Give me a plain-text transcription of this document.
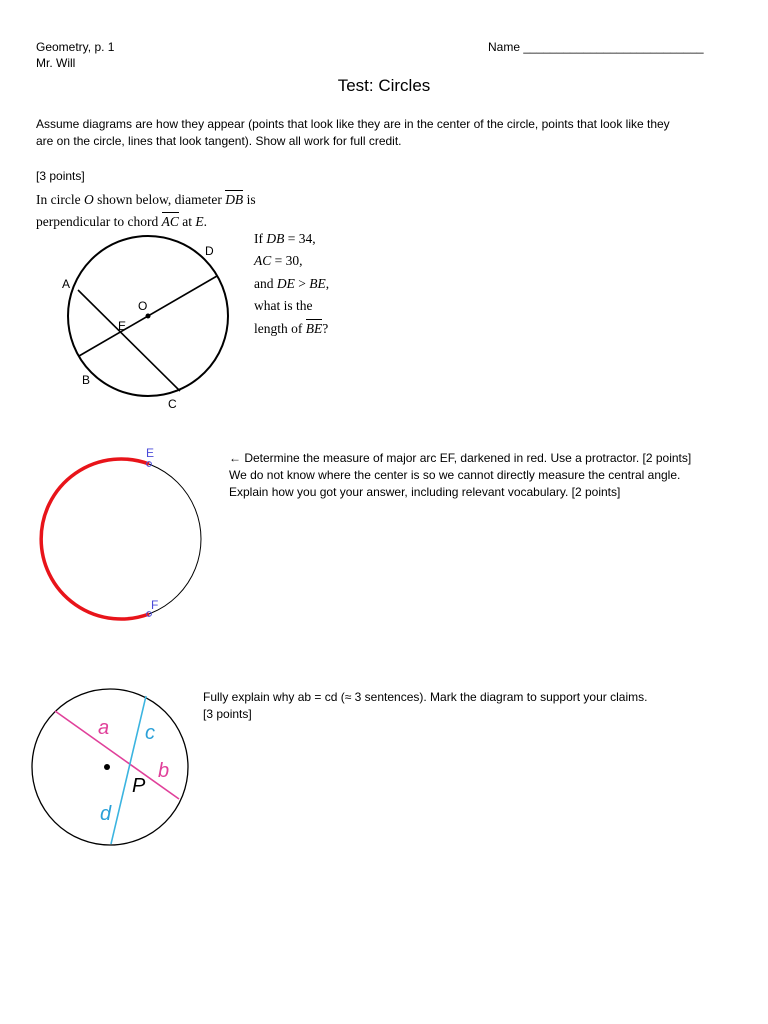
Geometry, p. 1
Mr. Will
Name ___________________________
Test: Circles
Assume diagrams are how they appear (points that look like they are in the center of the circle, points that look like they
are on the circle, lines that look tangent). Show all work for full credit.
[3 points]
In circle O shown below, diameter DB is
perpendicular to chord AC at E.
If DB = 34,
AC = 30,
and DE > BE,
what is the
length of BE?
A
D
O
E
B
C
E
F
← Determine the measure of major arc EF, darkened in red. Use a protractor. [2 points]
We do not know where the center is so we cannot directly measure the central angle.
Explain how you got your answer, including relevant vocabulary. [2 points]
a c
b
P
d
Fully explain why ab = cd (≈ 3 sentences). Mark the diagram to support your claims.
[3 points]
